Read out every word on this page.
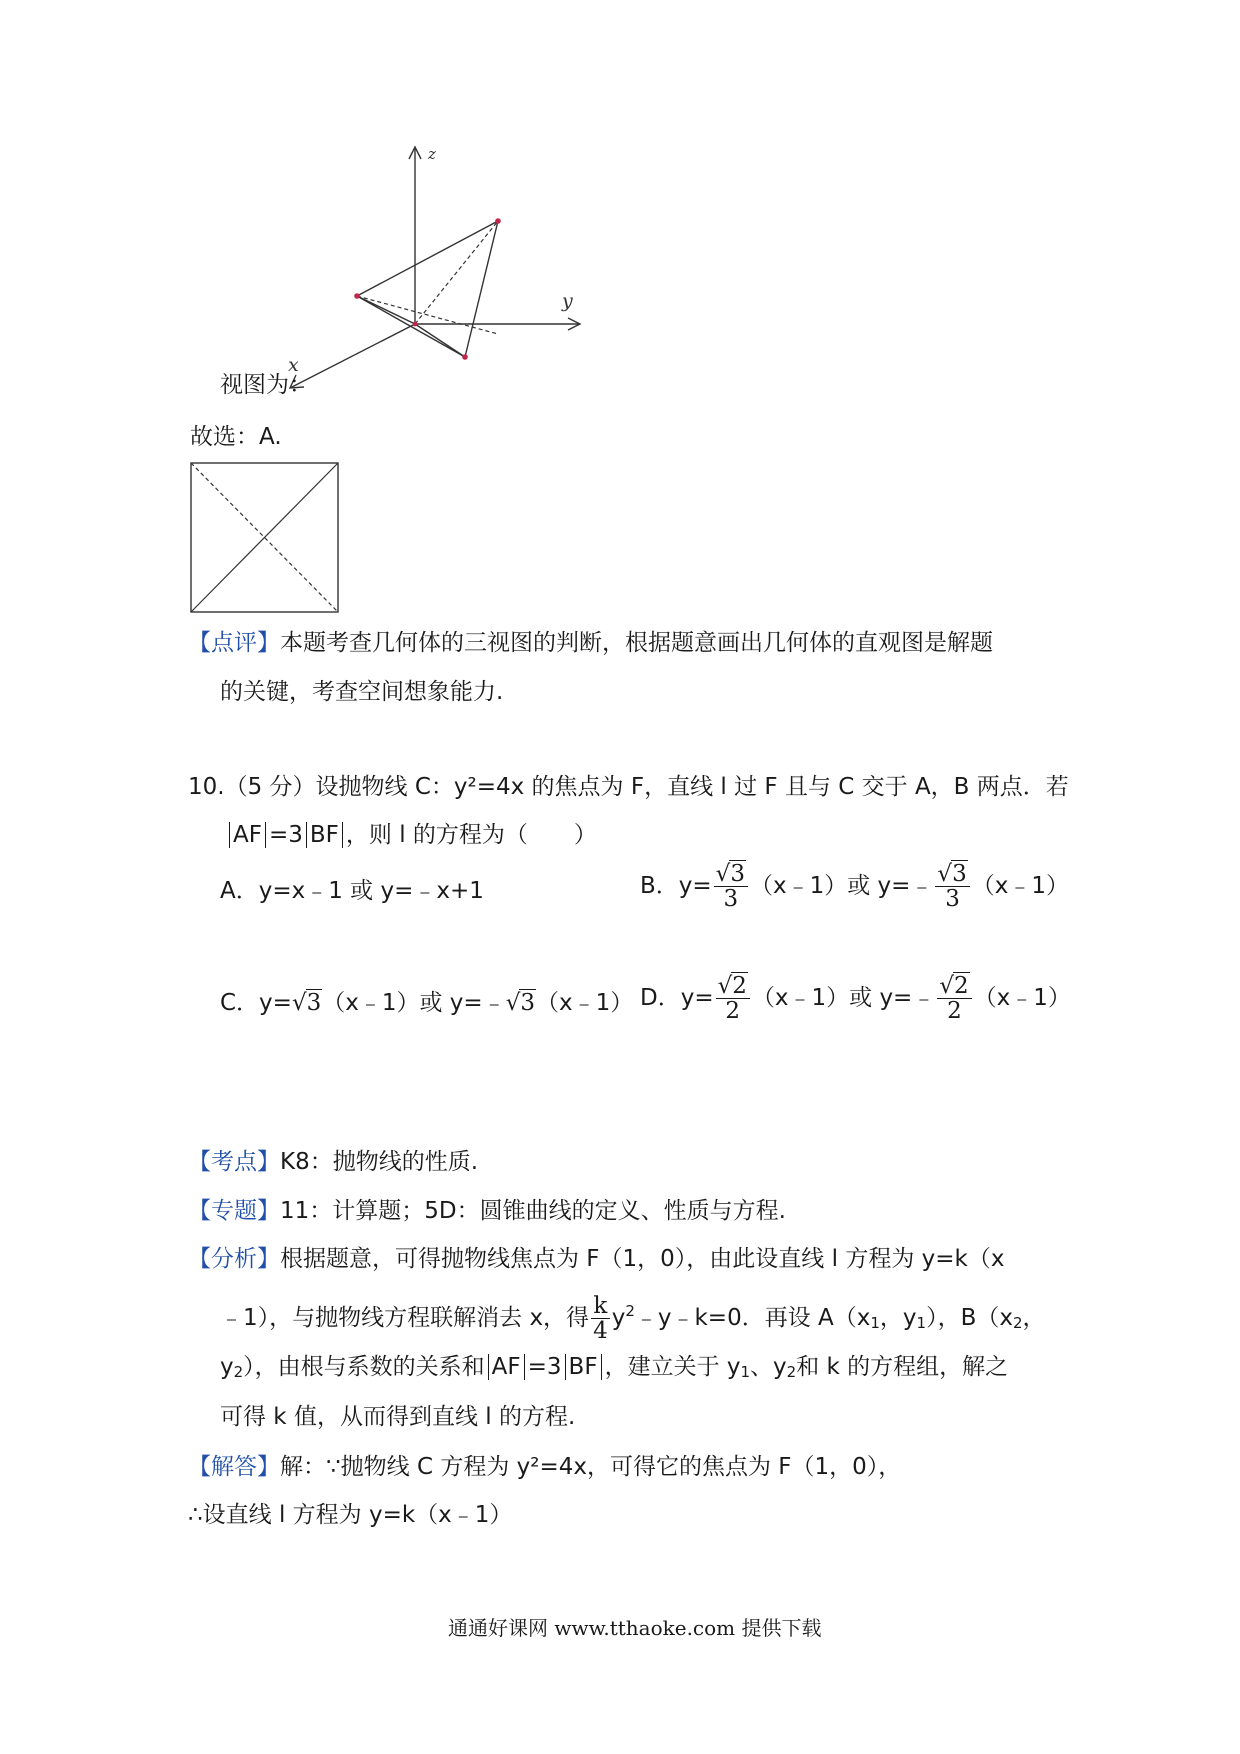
z
y
x
视图为：
故选：A.
【点评】本题考查几何体的三视图的判断，根据题意画出几何体的直观图是解题
的关键，考查空间想象能力.
10.（5 分）设抛物线 C：y²=4x 的焦点为 F，直线 l 过 F 且与 C 交于 A，B 两点．若
AF =3 BF ，则 l 的方程为（　　）
A．y=x﹣1 或 y=﹣x+1	B．$y= \frac{√3}{3}$ （x﹣1）或 y=﹣ $\frac{√3}{3}$ （x﹣1）
C．y=√3（x﹣1）或 y=﹣√3（x﹣1） D．$y= \frac{√2}{2}$ （x﹣1）或 y=﹣ $\frac{√2}{2}$ （x﹣1）
【考点】K8：抛物线的性质.
【专题】11：计算题；5D：圆锥曲线的定义、性质与方程.
【分析】根据题意，可得抛物线焦点为 F（1，0），由此设直线 l 方程为 y=k（x
﹣1），与抛物线方程联解消去 x，得 $\frac{k}{4}$ $y^2﹣y﹣k=0$．再设 $A(x_1$，$y_1$），$B(x_2$，
$y_2$），由根与系数的关系和 AF =3 BF ，建立关于 $y_1$、$y_2$和 k 的方程组，解之
可得 k 值，从而得到直线 l 的方程.
【解答】解：∵抛物线 C 方程为 y²=4x，可得它的焦点为 F（1，0），
∴设直线 l 方程为 y=k（x﹣1）
通通好课网 www.tthaoke.com 提供下载
